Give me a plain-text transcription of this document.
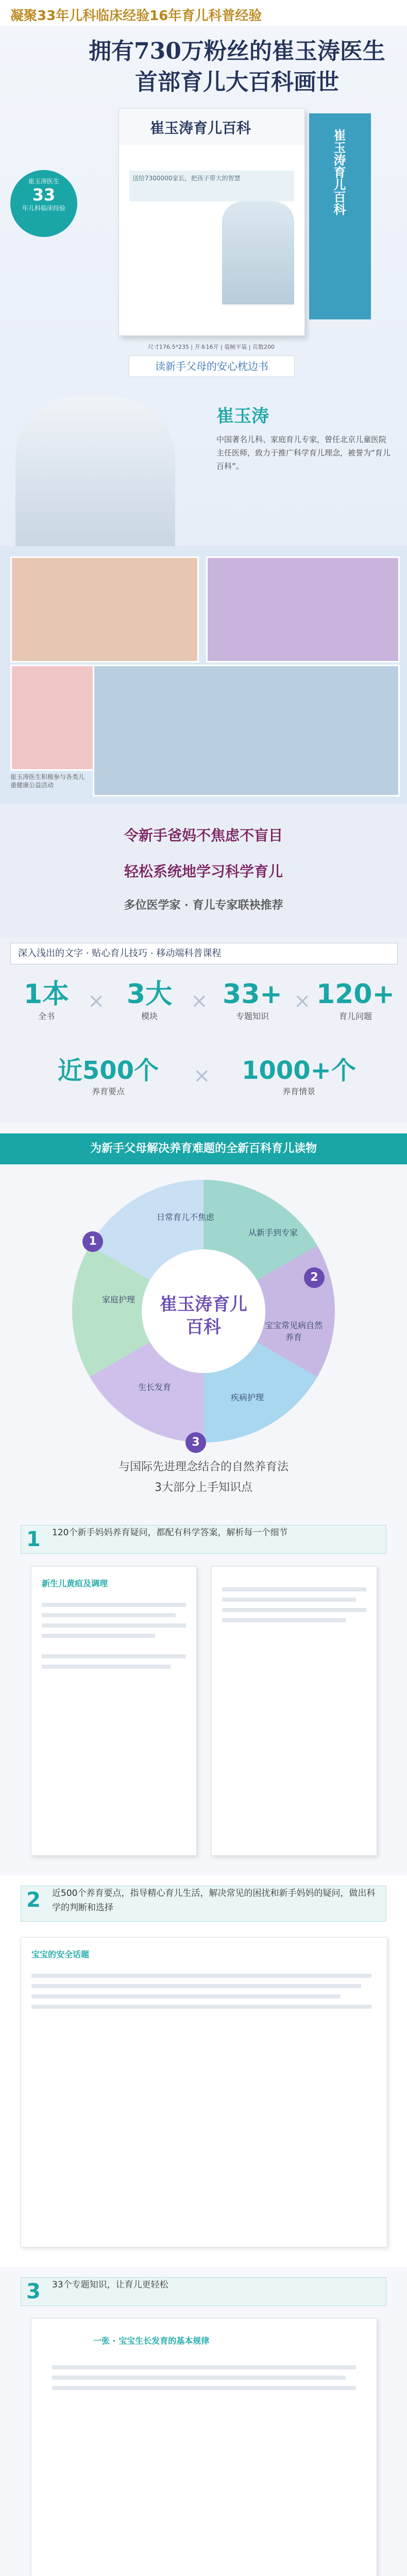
凝聚33年儿科临床经验16年育儿科普经验
拥有730万粉丝的崔玉涛医生
首部育儿大百科画世
崔玉涛医生
33
年儿科临床经验
崔玉涛育儿百科
送给7300000家长，把孩子带大的智慧	崔玉涛育儿百科
尺寸176.5*235 | 开本16开 | 装帧平装 | 页数200
读新手父母的安心枕边书
崔玉涛
中国著名儿科、家庭育儿专家，曾任北京儿童医院主任医师，致力于推广科学育儿理念，被誉为“育儿百科”。
崔玉涛医生积极参与各类儿童健康公益活动
令新手爸妈不焦虑不盲目
轻松系统地学习科学育儿
多位医学家 · 育儿专家联袂推荐
深入浅出的文字 · 贴心育儿技巧 · 移动端科普课程
1本
全书
× 3大
模块
× 33+
专题知识
× 120+
育儿问题
近500个
养育要点
×	1000+个
养育情景
为新手父母解决养育难题的全新百科育儿读物
崔玉涛育儿百科
日常育儿不焦虑
从新手到专家
宝宝常见病自然养育
疾病护理
生长发育
家庭护理
1
2
3
与国际先进理念结合的自然养育法
3大部分上手知识点
1 120个新手妈妈养育疑问，都配有科学答案，解析每一个细节
新生儿黄疸及调理
2 近500个养育要点，指导精心育儿生活，解决常见的困扰和新手妈妈的疑问，做出科学的判断和选择
宝宝的安全话题
3 33个专题知识，让育儿更轻松
一张 · 宝宝生长发育的基本规律
